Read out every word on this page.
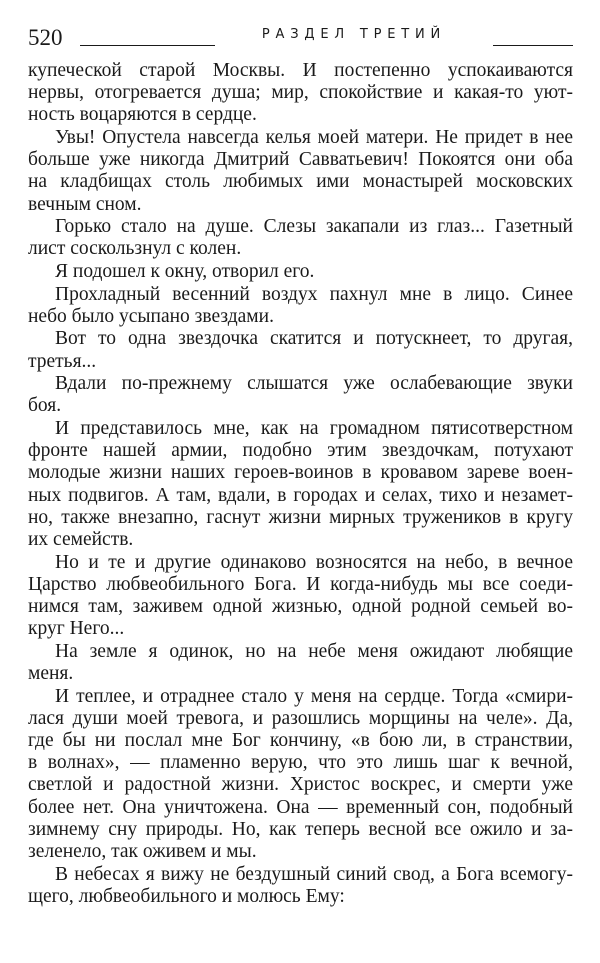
520	РАЗДЕЛ ТРЕТИЙ
купеческой старой Москвы. И постепенно успокаиваются
нервы, отогревается душа; мир, спокойствие и какая-то уют-
ность воцаряются в сердце.
Увы! Опустела навсегда келья моей матери. Не придет в нее
больше уже никогда Дмитрий Савватьевич! Покоятся они оба
на кладбищах столь любимых ими монастырей московских
вечным сном.
Горько стало на душе. Слезы закапали из глаз... Газетный
лист соскользнул с колен.
Я подошел к окну, отворил его.
Прохладный весенний воздух пахнул мне в лицо. Синее
небо было усыпано звездами.
Вот то одна звездочка скатится и потускнеет, то другая,
третья...
Вдали по-прежнему слышатся уже ослабевающие звуки
боя.
И представилось мне, как на громадном пятисотверстном
фронте нашей армии, подобно этим звездочкам, потухают
молодые жизни наших героев-воинов в кровавом зареве воен-
ных подвигов. А там, вдали, в городах и селах, тихо и незамет-
но, также внезапно, гаснут жизни мирных тружеников в кругу
их семейств.
Но и те и другие одинаково возносятся на небо, в вечное
Царство любвеобильного Бога. И когда-нибудь мы все соеди-
нимся там, заживем одной жизнью, одной родной семьей во-
круг Него...
На земле я одинок, но на небе меня ожидают любящие
меня.
И теплее, и отраднее стало у меня на сердце. Тогда «смири-
лася души моей тревога, и разошлись морщины на челе». Да,
где бы ни послал мне Бог кончину, «в бою ли, в странствии,
в волнах», — пламенно верую, что это лишь шаг к вечной,
светлой и радостной жизни. Христос воскрес, и смерти уже
более нет. Она уничтожена. Она — временный сон, подобный
зимнему сну природы. Но, как теперь весной все ожило и за-
зеленело, так оживем и мы.
В небесах я вижу не бездушный синий свод, а Бога всемогу-
щего, любвеобильного и молюсь Ему:
